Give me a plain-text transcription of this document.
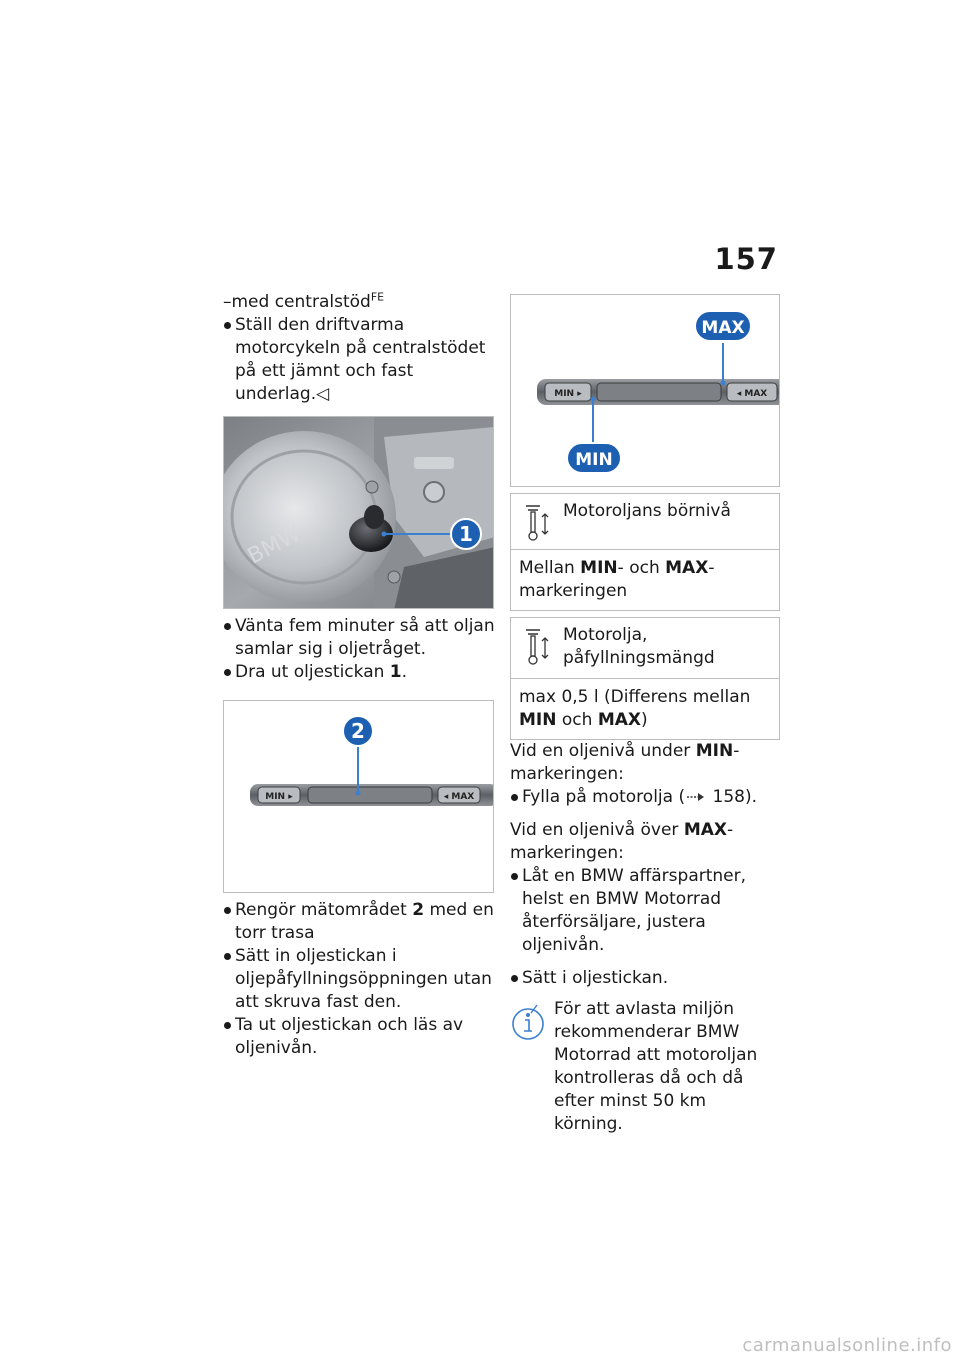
157
–med centralstöd$^{FE}$
Ställ den driftvarma motorcykeln på centralstödet på ett jämnt och fast underlag.◁
BMW	1
Vänta fem minuter så att oljan samlar sig i oljetråget.
Dra ut oljestickan 1.
MIN ▸	◂ MAX
2
Rengör mätområdet 2 med en torr trasa
Sätt in oljestickan i oljepåfyllningsöppningen utan att skruva fast den.
Ta ut oljestickan och läs av oljenivån.
MIN ▸	◂ MAX
MIN
MAX
Motoroljans börnivå
Mellan MIN- och MAX-markeringen
Motorolja, påfyllningsmängd
max 0,5 l (Differens mellan MIN och MAX)
Vid en oljenivå under MIN-markeringen:
Fylla på motorolja ( 158).
Vid en oljenivå över MAX-markeringen:
Låt en BMW affärspartner, helst en BMW Motorrad återförsäljare, justera oljenivån.
Sätt i oljestickan.
För att avlasta miljön rekommenderar BMW Motorrad att motoroljan kontrolleras då och då efter minst 50 km körning.
carmanualsonline.info
